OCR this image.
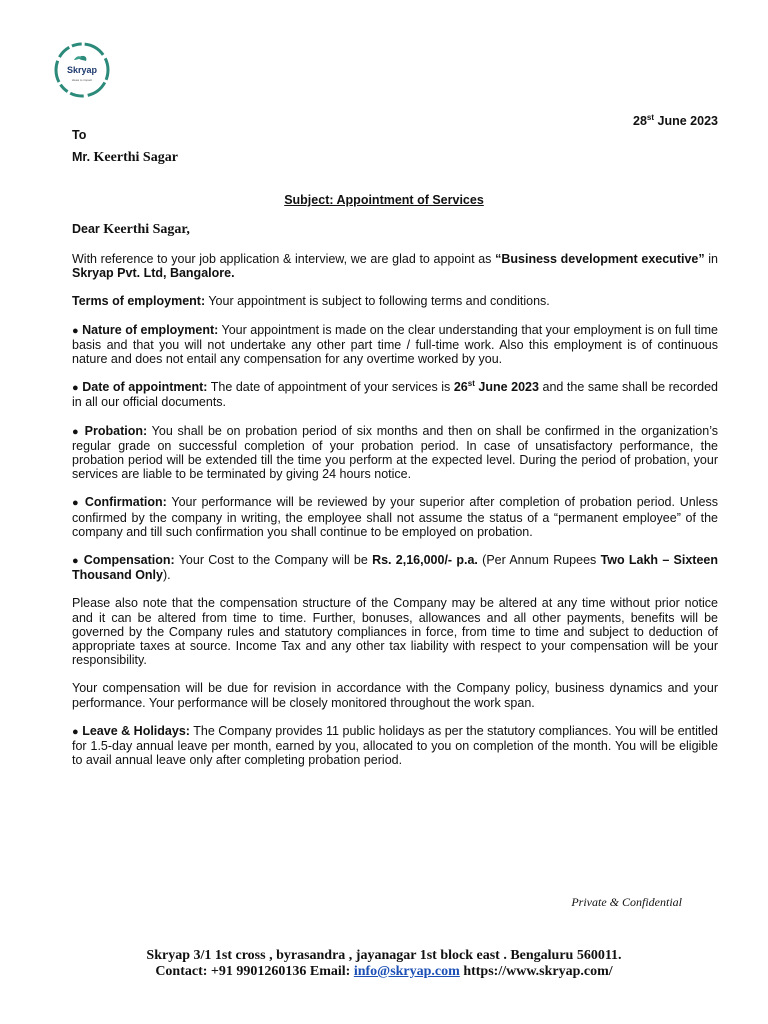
Skryap
ideas to impact
28st June 2023
To
Mr. Keerthi Sagar
Subject: Appointment of Services
Dear Keerthi Sagar,

With reference to your job application & interview, we are glad to appoint as “Business development executive” in Skryap Pvt. Ltd, Bangalore.

Terms of employment: Your appointment is subject to following terms and conditions.

● Nature of employment: Your appointment is made on the clear understanding that your employment is on full time basis and that you will not undertake any other part time / full-time work. Also this employment is of continuous nature and does not entail any compensation for any overtime worked by you.

● Date of appointment: The date of appointment of your services is 26st June 2023 and the same shall be recorded in all our official documents.

● Probation: You shall be on probation period of six months and then on shall be confirmed in the organization’s regular grade on successful completion of your probation period. In case of unsatisfactory performance, the probation period will be extended till the time you perform at the expected level. During the period of probation, your services are liable to be terminated by giving 24 hours notice.

● Confirmation: Your performance will be reviewed by your superior after completion of probation period. Unless confirmed by the company in writing, the employee shall not assume the status of a “permanent employee” of the company and till such confirmation you shall continue to be employed on probation.

● Compensation: Your Cost to the Company will be Rs. 2,16,000/- p.a. (Per Annum Rupees Two Lakh – Sixteen Thousand Only).

Please also note that the compensation structure of the Company may be altered at any time without prior notice and it can be altered from time to time. Further, bonuses, allowances and all other payments, benefits will be governed by the Company rules and statutory compliances in force, from time to time and subject to deduction of appropriate taxes at source. Income Tax and any other tax liability with respect to your compensation will be your responsibility.

Your compensation will be due for revision in accordance with the Company policy, business dynamics and your performance. Your performance will be closely monitored throughout the work span.

● Leave & Holidays: The Company provides 11 public holidays as per the statutory compliances. You will be entitled for 1.5-day annual leave per month, earned by you, allocated to you on completion of the month. You will be eligible to avail annual leave only after completing probation period.

Private & Confidential
Skryap 3/1 1st cross , byrasandra , jayanagar 1st block east . Bengaluru 560011.
Contact: +91 9901260136 Email: info@skryap.com https://www.skryap.com/
